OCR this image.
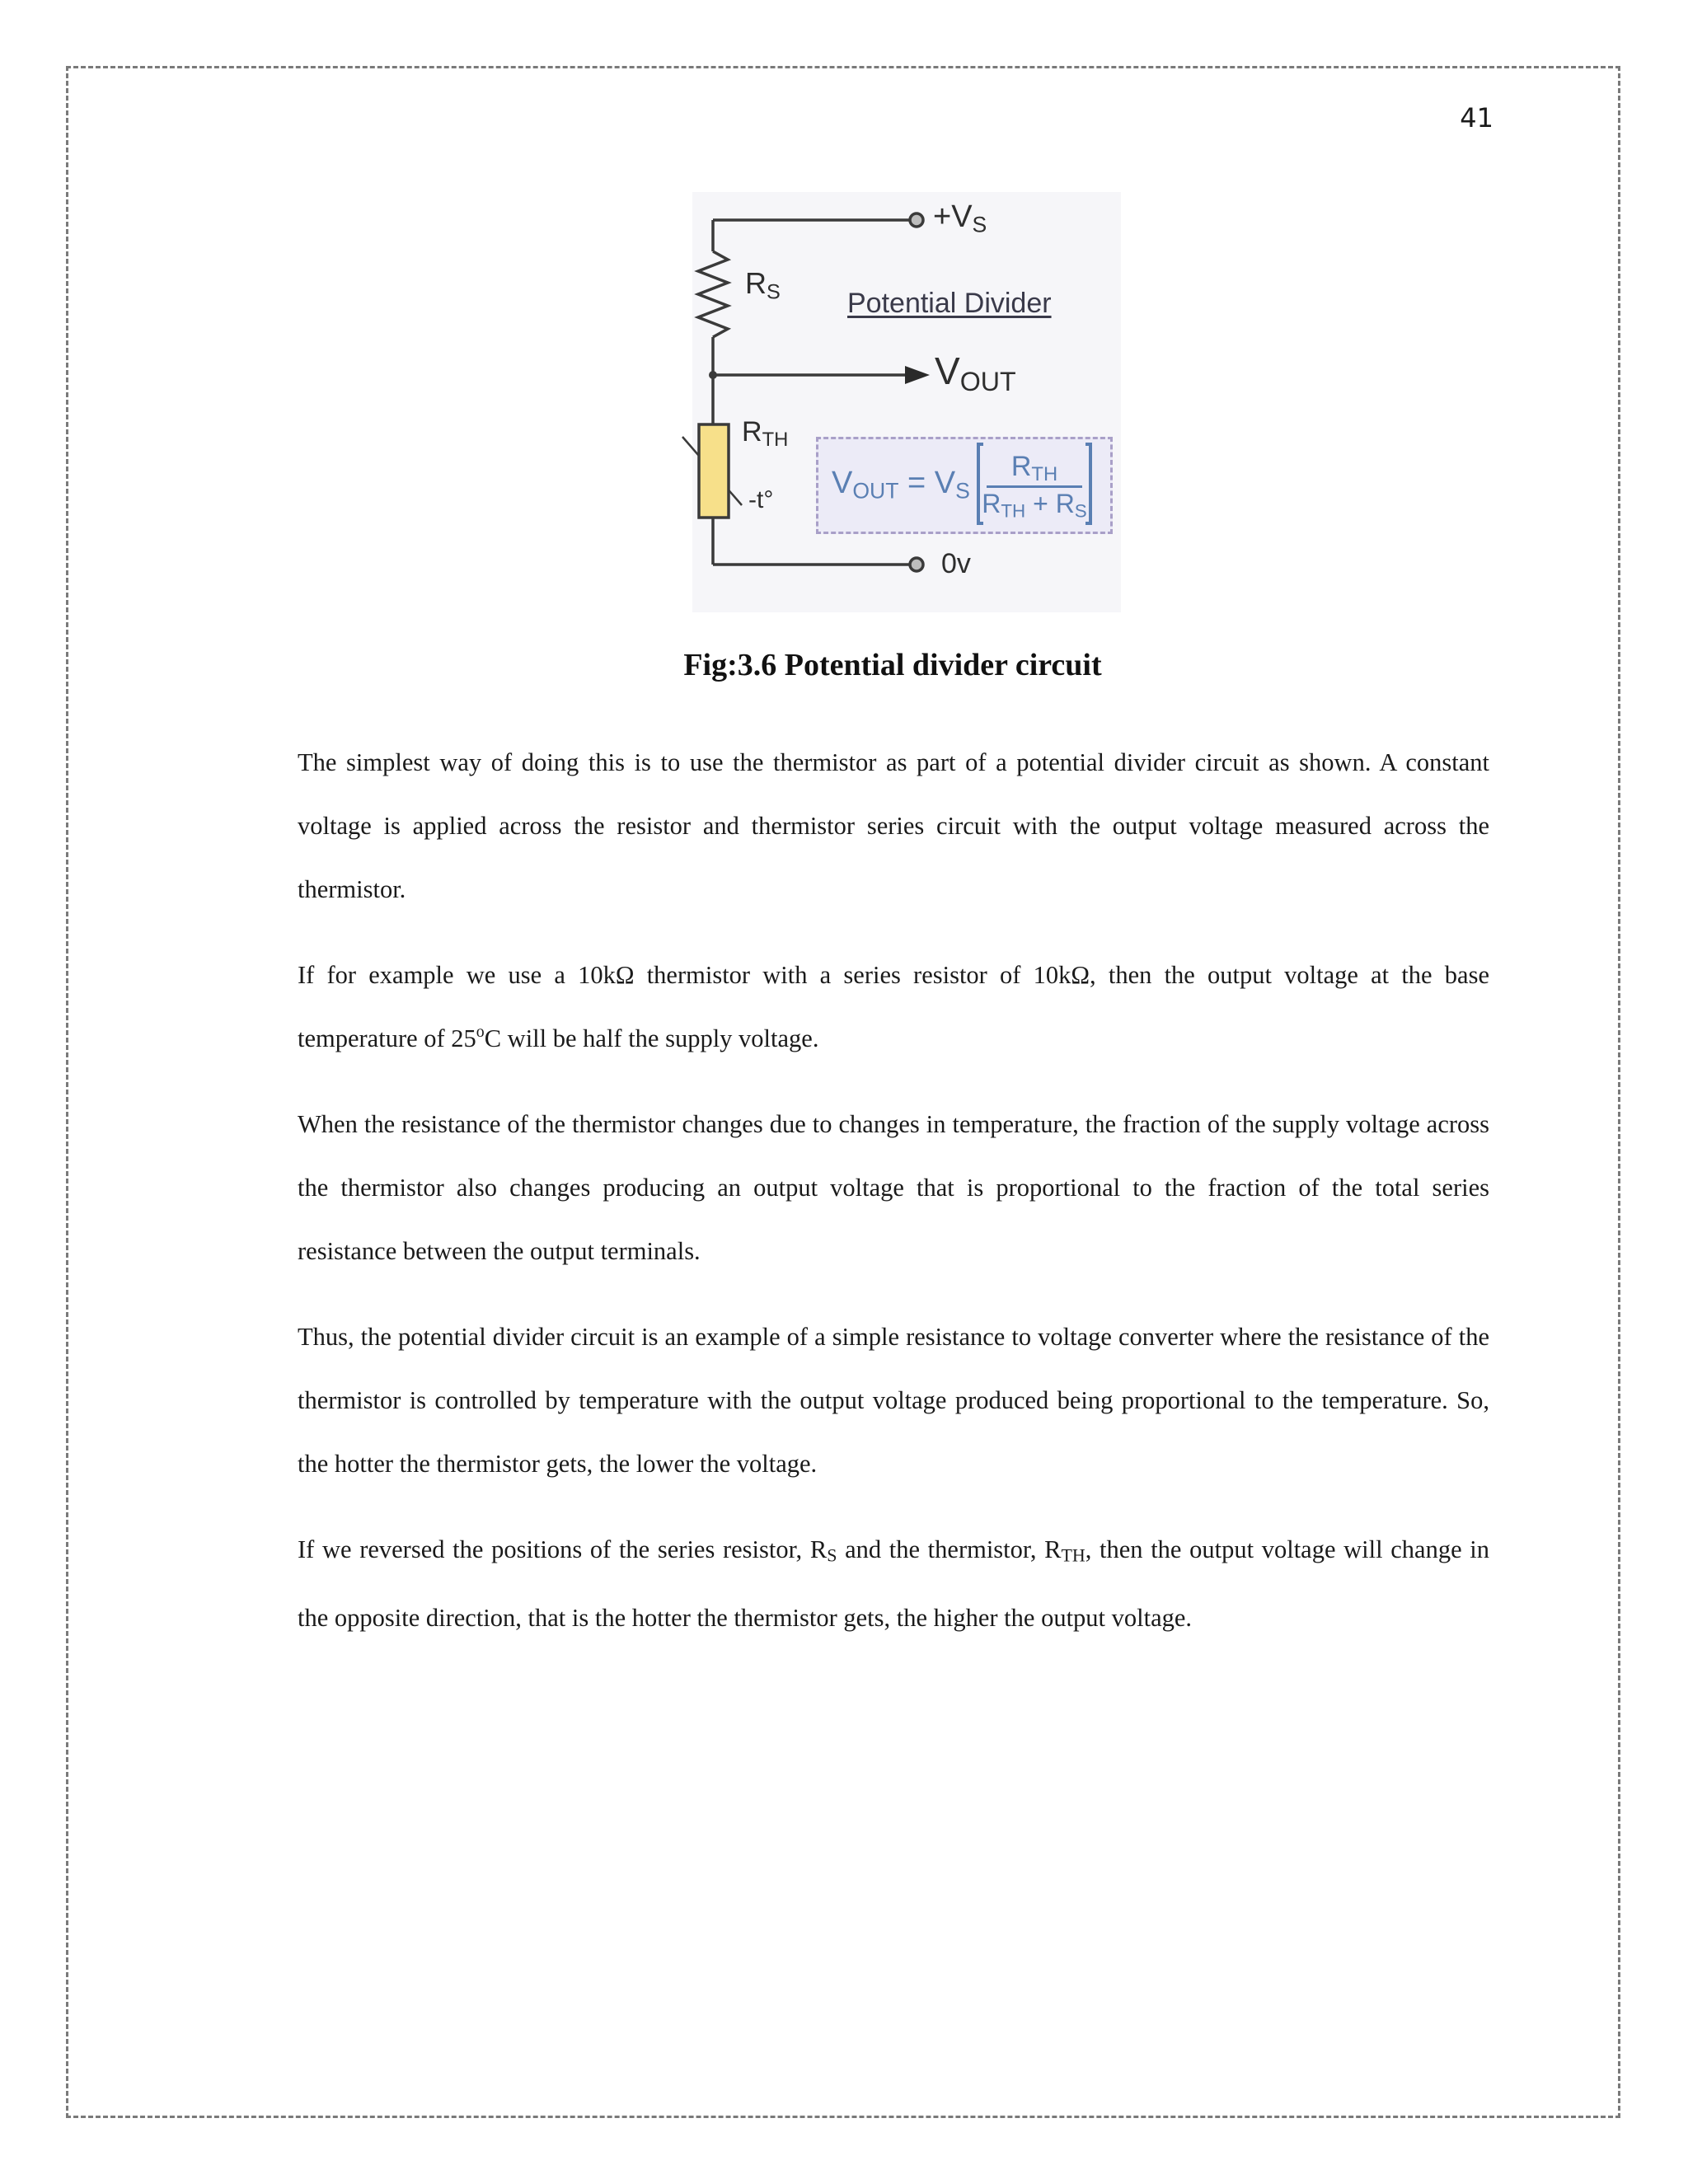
41
$+V_S$
$R_S$ Potential Divider
$V_{OUT}$
$R_{TH}$
-t°
0v
$V_{OUT} = V_S$
$R_{TH}$
$R_{TH} + R_S$
Fig:3.6 Potential divider circuit

The simplest way of doing this is to use the thermistor as part of a potential divider circuit as shown. A constant voltage is applied across the resistor and thermistor series circuit with the output voltage measured across the thermistor.

If for example we use a 10kΩ thermistor with a series resistor of 10kΩ, then the output voltage at the base temperature of 25$^o$C will be half the supply voltage.

When the resistance of the thermistor changes due to changes in temperature, the fraction of the supply voltage across the thermistor also changes producing an output voltage that is proportional to the fraction of the total series resistance between the output terminals.

Thus, the potential divider circuit is an example of a simple resistance to voltage converter where the resistance of the thermistor is controlled by temperature with the output voltage produced being proportional to the temperature. So, the hotter the thermistor gets, the lower the voltage.

If we reversed the positions of the series resistor, $R_S$ and the thermistor, $R_{TH}$, then the output voltage will change in the opposite direction, that is the hotter the thermistor gets, the higher the output voltage.
